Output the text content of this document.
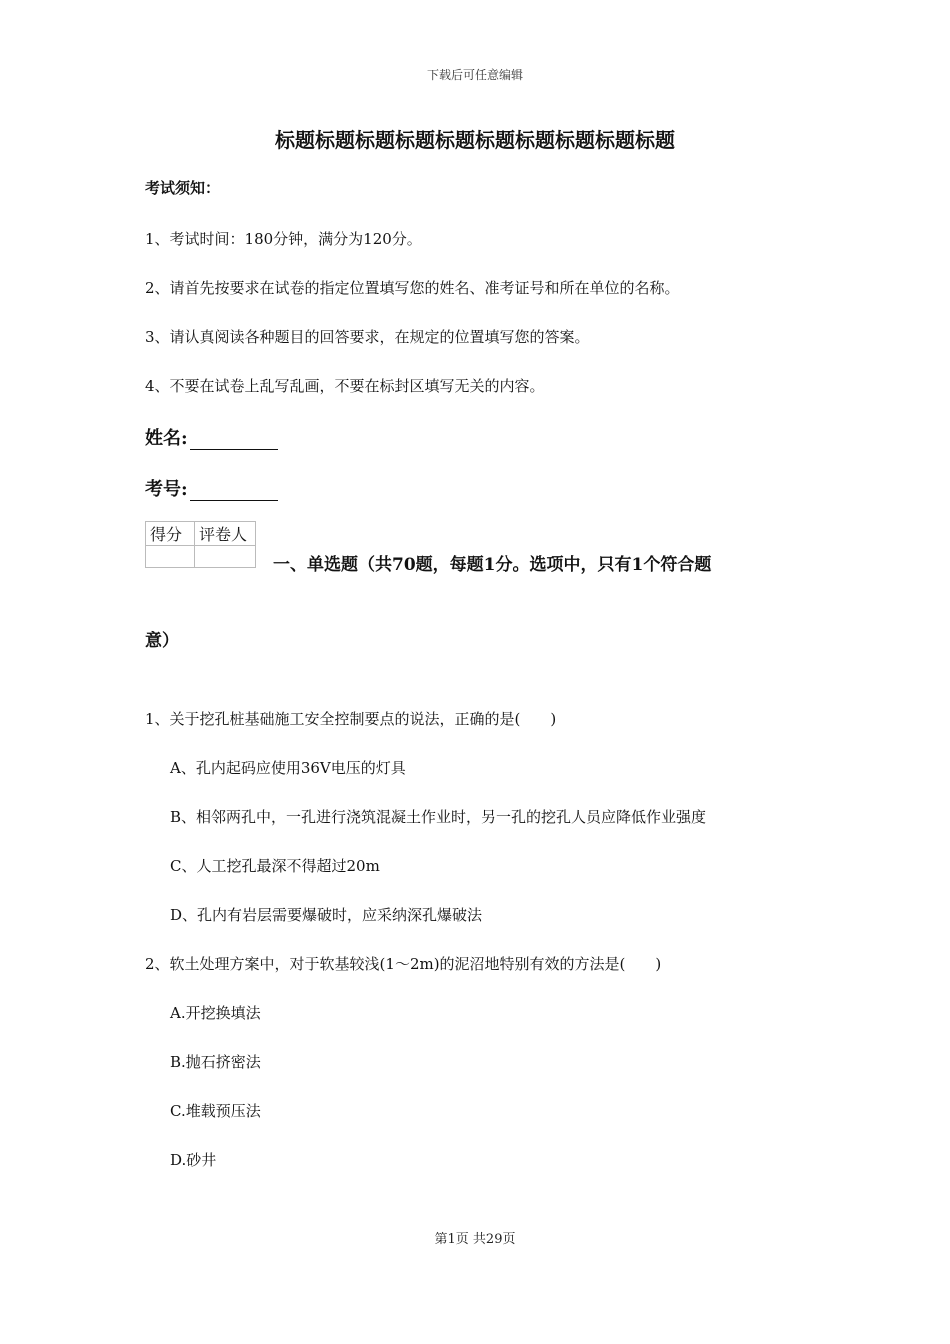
下载后可任意编辑
标题标题标题标题标题标题标题标题标题标题
考试须知：
1、考试时间：180分钟，满分为120分。
2、请首先按要求在试卷的指定位置填写您的姓名、准考证号和所在单位的名称。
3、请认真阅读各种题目的回答要求，在规定的位置填写您的答案。
4、不要在试卷上乱写乱画，不要在标封区填写无关的内容。
姓名:
考号:
得分	评卷人

一、单选题（共70题，每题1分。选项中，只有1个符合题
意）
1、关于挖孔桩基础施工安全控制要点的说法，正确的是(　　)
A、孔内起码应使用36V电压的灯具
B、相邻两孔中，一孔进行浇筑混凝土作业时，另一孔的挖孔人员应降低作业强度
C、人工挖孔最深不得超过20m
D、孔内有岩层需要爆破时，应采纳深孔爆破法
2、软土处理方案中，对于软基较浅(1～2m)的泥沼地特别有效的方法是(　　)
A.开挖换填法
B.抛石挤密法
C.堆载预压法
D.砂井
第1页 共29页
